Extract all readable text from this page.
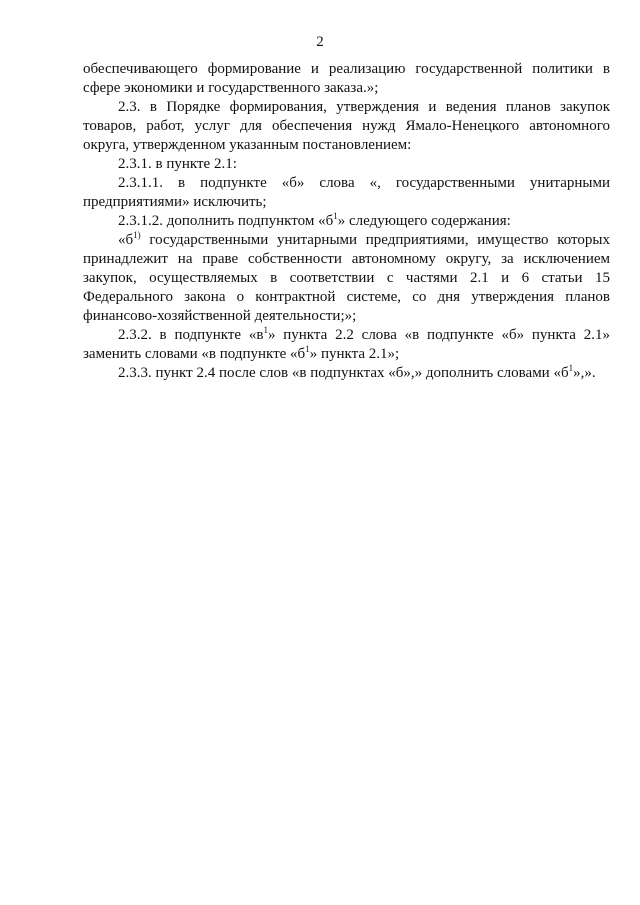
2

обеспечивающего формирование и реализацию государственной политики в сфере экономики и государственного заказа.»;

2.3. в Порядке формирования, утверждения и ведения планов закупок товаров, работ, услуг для обеспечения нужд Ямало-Ненецкого автономного округа, утвержденном указанным постановлением:

2.3.1. в пункте 2.1:

2.3.1.1. в подпункте «б» слова «, государственными унитарными предприятиями» исключить;

2.3.1.2. дополнить подпунктом «$б^1$» следующего содержания:

«$б^{1)}$ государственными унитарными предприятиями, имущество которых принадлежит на праве собственности автономному округу, за исключением закупок, осуществляемых в соответствии с частями 2.1 и 6 статьи 15 Федерального закона о контрактной системе, со дня утверждения планов финансово-хозяйственной деятельности;»;

2.3.2. в подпункте «$в^1$» пункта 2.2 слова «в подпункте «б» пункта 2.1» заменить словами «в подпункте «$б^1$» пункта 2.1»;

2.3.3. пункт 2.4 после слов «в подпунктах «б»,» дополнить словами «$б^1$»,».
